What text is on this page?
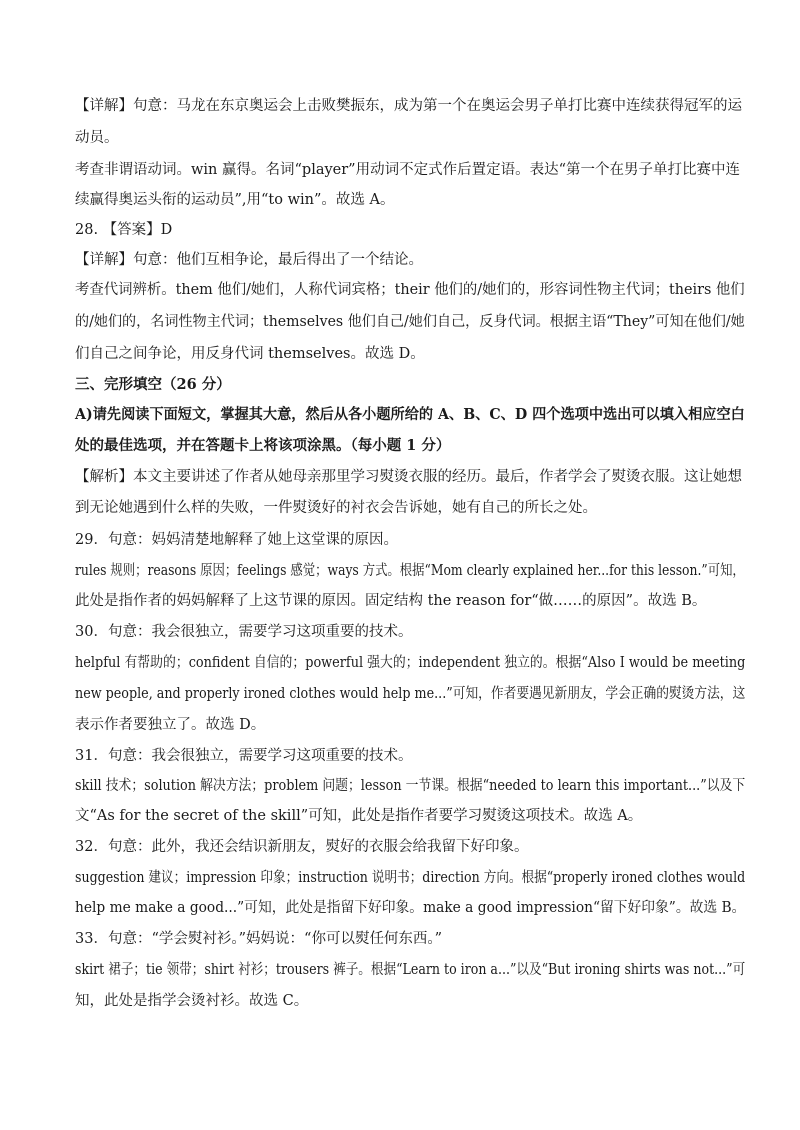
【详解】句意：马龙在东京奥运会上击败樊振东，成为第一个在奥运会男子单打比赛中连续获得冠军的运
动员。
考查非谓语动词。win 赢得。名词“player”用动词不定式作后置定语。表达“第一个在男子单打比赛中连
续赢得奥运头衔的运动员”,用“to win”。故选 A。
28. 【答案】D
【详解】句意：他们互相争论，最后得出了一个结论。
考查代词辨析。them 他们/她们，人称代词宾格；their 他们的/她们的，形容词性物主代词；theirs 他们
的/她们的，名词性物主代词；themselves 他们自己/她们自己，反身代词。根据主语“They”可知在他们/她
们自己之间争论，用反身代词 themselves。故选 D。
三、完形填空（26 分）
A)请先阅读下面短文，掌握其大意，然后从各小题所给的 A、B、C、D 四个选项中选出可以填入相应空白
处的最佳选项，并在答题卡上将该项涂黑。（每小题 1 分）
【解析】本文主要讲述了作者从她母亲那里学习熨烫衣服的经历。最后，作者学会了熨烫衣服。这让她想
到无论她遇到什么样的失败，一件熨烫好的衬衣会告诉她，她有自己的所长之处。
29．句意：妈妈清楚地解释了她上这堂课的原因。
rules 规则；reasons 原因；feelings 感觉；ways 方式。根据“Mom clearly explained her...for this lesson.”可知，
此处是指作者的妈妈解释了上这节课的原因。固定结构 the reason for“做……的原因”。故选 B。
30．句意：我会很独立，需要学习这项重要的技术。
helpful 有帮助的；confident 自信的；powerful 强大的；independent 独立的。根据“Also I would be meeting
new people, and properly ironed clothes would help me...”可知，作者要遇见新朋友，学会正确的熨烫方法，这
表示作者要独立了。故选 D。
31．句意：我会很独立，需要学习这项重要的技术。
skill 技术；solution 解决方法；problem 问题；lesson 一节课。根据“needed to learn this important...”以及下
文“As for the secret of the skill”可知，此处是指作者要学习熨烫这项技术。故选 A。
32．句意：此外，我还会结识新朋友，熨好的衣服会给我留下好印象。
suggestion 建议；impression 印象；instruction 说明书；direction 方向。根据“properly ironed clothes would
help me make a good...”可知，此处是指留下好印象。make a good impression“留下好印象”。故选 B。
33．句意：“学会熨衬衫。”妈妈说：“你可以熨任何东西。”
skirt 裙子；tie 领带；shirt 衬衫；trousers 裤子。根据“Learn to iron a...”以及“But ironing shirts was not...”可
知，此处是指学会烫衬衫。故选 C。
